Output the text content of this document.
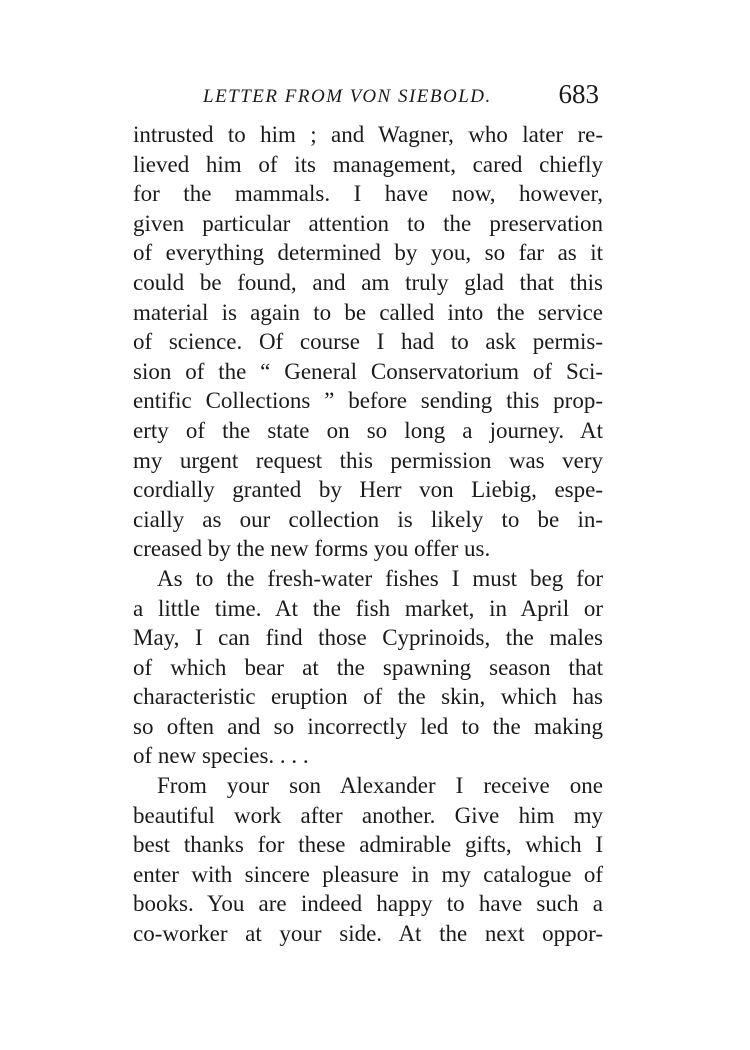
LETTER FROM VON SIEBOLD. 683
intrusted to him ; and Wagner, who later re-
lieved him of its management, cared chiefly
for the mammals. I have now, however,
given particular attention to the preservation
of everything determined by you, so far as it
could be found, and am truly glad that this
material is again to be called into the service
of science. Of course I had to ask permis-
sion of the “ General Conservatorium of Sci-
entific Collections ” before sending this prop-
erty of the state on so long a journey. At
my urgent request this permission was very
cordially granted by Herr von Liebig, espe-
cially as our collection is likely to be in-
creased by the new forms you offer us.
As to the fresh-water fishes I must beg for
a little time. At the fish market, in April or
May, I can find those Cyprinoids, the males
of which bear at the spawning season that
characteristic eruption of the skin, which has
so often and so incorrectly led to the making
of new species. . . .
From your son Alexander I receive one
beautiful work after another. Give him my
best thanks for these admirable gifts, which I
enter with sincere pleasure in my catalogue of
books. You are indeed happy to have such a
co-worker at your side. At the next oppor-
